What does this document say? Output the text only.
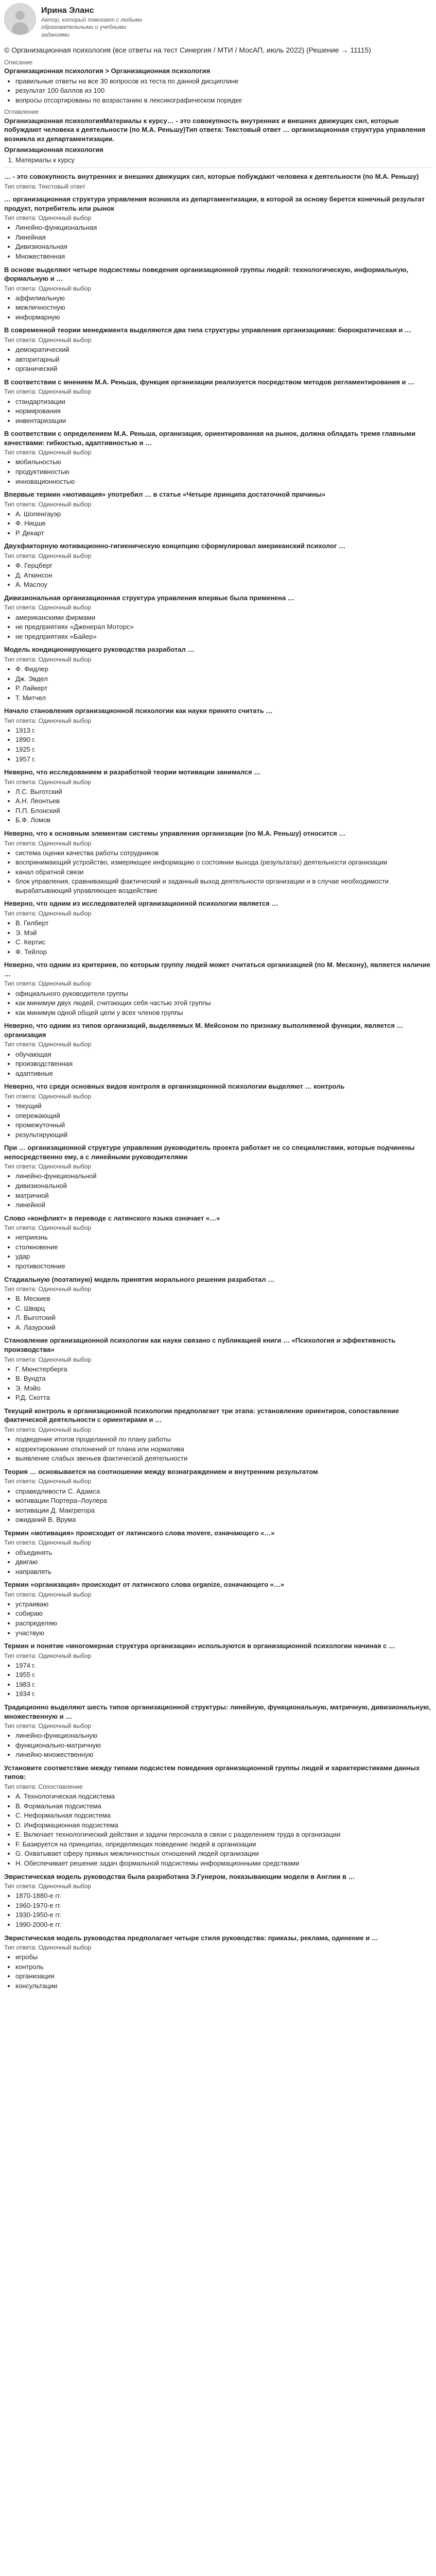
Ирина Эланс
Автор, который помогает с любыми образовательными и учебными заданиями
© Организационная психология (все ответы на тест Синергия / МТИ / МосАП, июль 2022) (Решение → 11115)
Описание
Организационная психология > Организационная психология
• правильные ответы на все 30 вопросов из теста по данной дисциплине
• результат 100 баллов из 100
• вопросы отсортированы по возрастанию в лексикографическом порядке
Оглавление
Организационная психологияМатериалы к курсу… - это совокупность внутренних и внешних движущих сил, которые побуждают человека к деятельности (по М.А. Реньшу)Тип ответа: Текстовый ответ … организационная структура управления возникла из департаментизации.
Организационная психология
1. Материалы к курсу
… - это совокупность внутренних и внешних движущих сил, которые побуждают человека к деятельности (по М.А. Реньшу)
Тип ответа: Текстовый ответ
… организационная структура управления возникла из департаментизации, в которой за основу берется конечный результат продукт, потребитель или рынок
Тип ответа: Одиночный выбор
• Линейно-функциональная
• Линейная
• Дивизиональная
• Множественная
В основе выделяют четыре подсистемы поведения организационной группы людей: технологическую, информальную, формальную и …
Тип ответа: Одиночный выбор
• аффилиальную
• межличностную
• информарную
В современной теории менеджмента выделяются два типа структуры управления организациями: бюрократическая и …
Тип ответа: Одиночный выбор
• демократический
• авторитарный
• органический
В соответствии с мнением М.А. Реньша, функция организации реализуется посредством методов регламентирования и …
Тип ответа: Одиночный выбор
• стандартизации
• нормирования
• инвентаризации
В соответствии с определением М.А. Реньша, организация, ориентированная на рынок, должна обладать тремя главными качествами: гибкостью, адаптивностью и …
Тип ответа: Одиночный выбор
• мобильностью
• продуктивностью
• инновационностью
Впервые термин «мотивация» употребил … в статье «Четыре принципа достаточной причины»
Тип ответа: Одиночный выбор
• А. Шопенгауэр
• Ф. Ницше
• Р. Декарт
Двухфакторную мотивационно-гигиеническую концепцию сформулировал американский психолог …
Тип ответа: Одиночный выбор
• Ф. Герцберг
• Д. Аткинсон
• А. Маслоу
Дивизиональная организационная структура управления впервые была применена …
Тип ответа: Одиночный выбор
• американскими фирмами
• не предприятиях «Дженерал Моторс»
• не предприятиях «Байер»
Модель кондиционирующего руководства разработал …
Тип ответа: Одиночный выбор
• Ф. Фидлер
• Дж. Эвдел
• Р. Лайкерт
• Т. Митчел
Начало становления организационной психологии как науки принято считать …
Тип ответа: Одиночный выбор
• 1913 г.
• 1890 г.
• 1925 г.
• 1957 г.
Неверно, что исследованием и разработкой теории мотивации занимался …
Тип ответа: Одиночный выбор
• Л.С. Выготский
• А.Н. Леонтьев
• П.П. Блонский
• Б.Ф. Ломов
Неверно, что к основным элементам системы управления организации (по М.А. Реньшу) относится …
Тип ответа: Одиночный выбор
• система оценки качества работы сотрудников
• воспринимающий устройство, измеряющее информацию о состоянии выхода (результатах) деятельности организации
• канал обратной связи
• блок управления, сравнивающий фактический и заданный выход деятельности организации и в случае необходимости вырабатывающий управляющее воздействие
Неверно, что одним из исследователей организационной психологии является …
Тип ответа: Одиночный выбор
• В. Гилберт
• Э. Мэй
• С. Кертис
• Ф. Тейлор
Неверно, что одним из критериев, по которым группу людей может считаться организацией (по М. Мескону), является наличие …
Тип ответа: Одиночный выбор
• официального руководителя группы
• как минимум двух людей, считающих себя частью этой группы
• как минимум одной общей цели у всех членов группы
Неверно, что одним из типов организаций, выделяемых М. Мейсоном по признаку выполняемой функции, является … организация
Тип ответа: Одиночный выбор
• обучающая
• производственная
• адаптивные
Неверно, что среди основных видов контроля в организационной психологии выделяют … контроль
Тип ответа: Одиночный выбор
• текущий
• опережающий
• промежуточный
• результирующий
При … организационной структуре управления руководитель проекта работает не со специалистами, которые подчинены непосредственно ему, а с линейными руководителями
Тип ответа: Одиночный выбор
• линейно-функциональной
• дивизиональной
• матричной
• линейной
Слово «конфликт» в переводе с латинского языка означает «…»
Тип ответа: Одиночный выбор
• неприязнь
• столкновение
• удар
• противостояние
Стадиальную (поэтапную) модель принятия морального решения разработал …
Тип ответа: Одиночный выбор
• В. Мескиев
• С. Шварц
• Л. Выготский
• А. Лазурский
Становление организационной психологии как науки связано с публикацией книги … «Психология и эффективность производства»
Тип ответа: Одиночный выбор
• Г. Мюнстерберга
• В. Вундта
• Э. Мэйо
• Р.Д. Скотта
Текущий контроль в организационной психологии предполагает три этапа: установление ориентиров, сопоставление фактической деятельности с ориентирами и …
Тип ответа: Одиночный выбор
• подведение итогов проделанной по плану работы
• корректирование отклонений от плана или норматива
• выявление слабых звеньев фактической деятельности
Теория … основывается на соотношении между вознаграждением и внутренним результатом
Тип ответа: Одиночный выбор
• справедливости С. Адамса
• мотивации Портера–Лоулера
• мотивации Д. Макгрегора
• ожиданий В. Врума
Термин «мотивация» происходит от латинского слова movere, означающего «…»
Тип ответа: Одиночный выбор
• объединять
• двигаю
• направлять
Термин «организация» происходит от латинского слова organize, означающего «…»
Тип ответа: Одиночный выбор
• устраиваю
• собираю
• распределяю
• участвую
Термин и понятие «многомерная структура организации» используются в организационной психологии начиная с …
Тип ответа: Одиночный выбор
• 1974 г.
• 1955 г.
• 1983 г.
• 1934 г.
Традиционно выделяют шесть типов организационной структуры: линейную, функциональную, матричную, дивизиональную, множественную и …
Тип ответа: Одиночный выбор
• линейно-функциональную
• функционально-матричную
• линейно-множественную
Установите соответствие между типами подсистем поведения организационной группы людей и характеристиками данных типов:
Тип ответа: Сопоставление
• A. Технологическая подсистема
• B. Формальная подсистема
• C. Неформальная подсистема
• D. Информационная подсистема
• E. Включает технологический действия и задачи персонала в связи с разделением труда в организации
• F. Базируется на принципах, определяющих поведение людей в организации
• G. Охватывает сферу прямых межличностных отношений людей организации
• H. Обеспечивает решение задач формальной подсистемы информационными средствами
Эвристическая модель руководства была разработана Э.Гунером, показывающим модели в Англии в …
Тип ответа: Одиночный выбор
• 1870-1880-е гг.
• 1960-1970-е гг.
• 1930-1950-е гг.
• 1990-2000-е гг.
Эвристическая модель руководства предполагает четыре стиля руководства: приказы, реклама, одинение и …
Тип ответа: Одиночный выбор
• игробы
• контроль
• организация
• консультации
